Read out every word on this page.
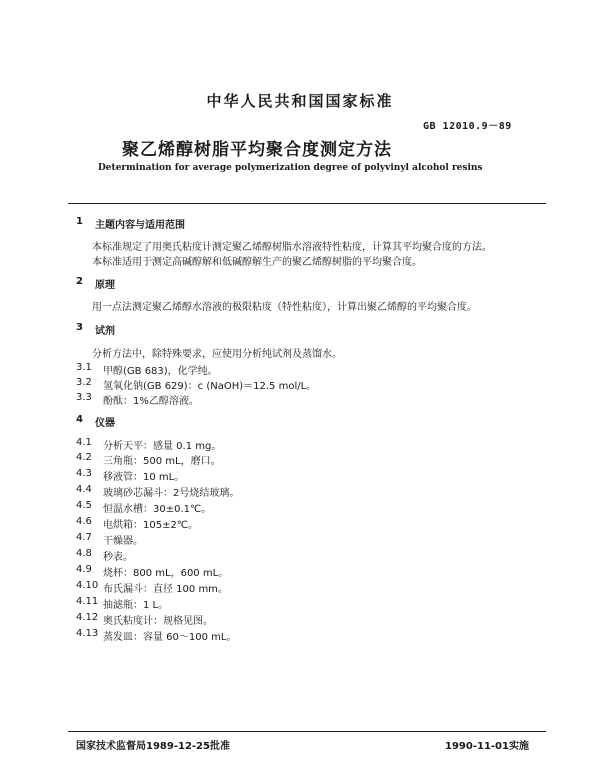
中华人民共和国国家标准
GB 12010.9－89
聚乙烯醇树脂平均聚合度测定方法
Determination for average polymerization degree of polyvinyl alcohol resins
1 主题内容与适用范围
本标准规定了用奥氏粘度计测定聚乙烯醇树脂水溶液特性粘度，计算其平均聚合度的方法。
本标准适用于测定高碱醇解和低碱醇解生产的聚乙烯醇树脂的平均聚合度。
2 原理
用一点法测定聚乙烯醇水溶液的极限粘度（特性粘度），计算出聚乙烯醇的平均聚合度。
3 试剂
分析方法中，除特殊要求，应使用分析纯试剂及蒸馏水。
3.1 甲醇(GB 683)，化学纯。
3.2 氢氧化钠(GB 629)：c (NaOH)＝12.5 mol/L。
3.3 酚酞：1%乙醇溶液。
4 仪器
4.1 分析天平：感量 0.1 mg。
4.2 三角瓶：500 mL，磨口。
4.3 移液管：10 mL。
4.4 玻璃砂芯漏斗：2号烧结玻璃。
4.5 恒温水槽：30±0.1℃。
4.6 电烘箱：105±2℃。
4.7 干燥器。
4.8 秒表。
4.9 烧杯：800 mL，600 mL。
4.10 布氏漏斗：直径 100 mm。
4.11 抽滤瓶：1 L。
4.12 奥氏粘度计：规格见图。
4.13 蒸发皿：容量 60～100 mL。
国家技术监督局1989-12-25批准	1990-11-01实施
